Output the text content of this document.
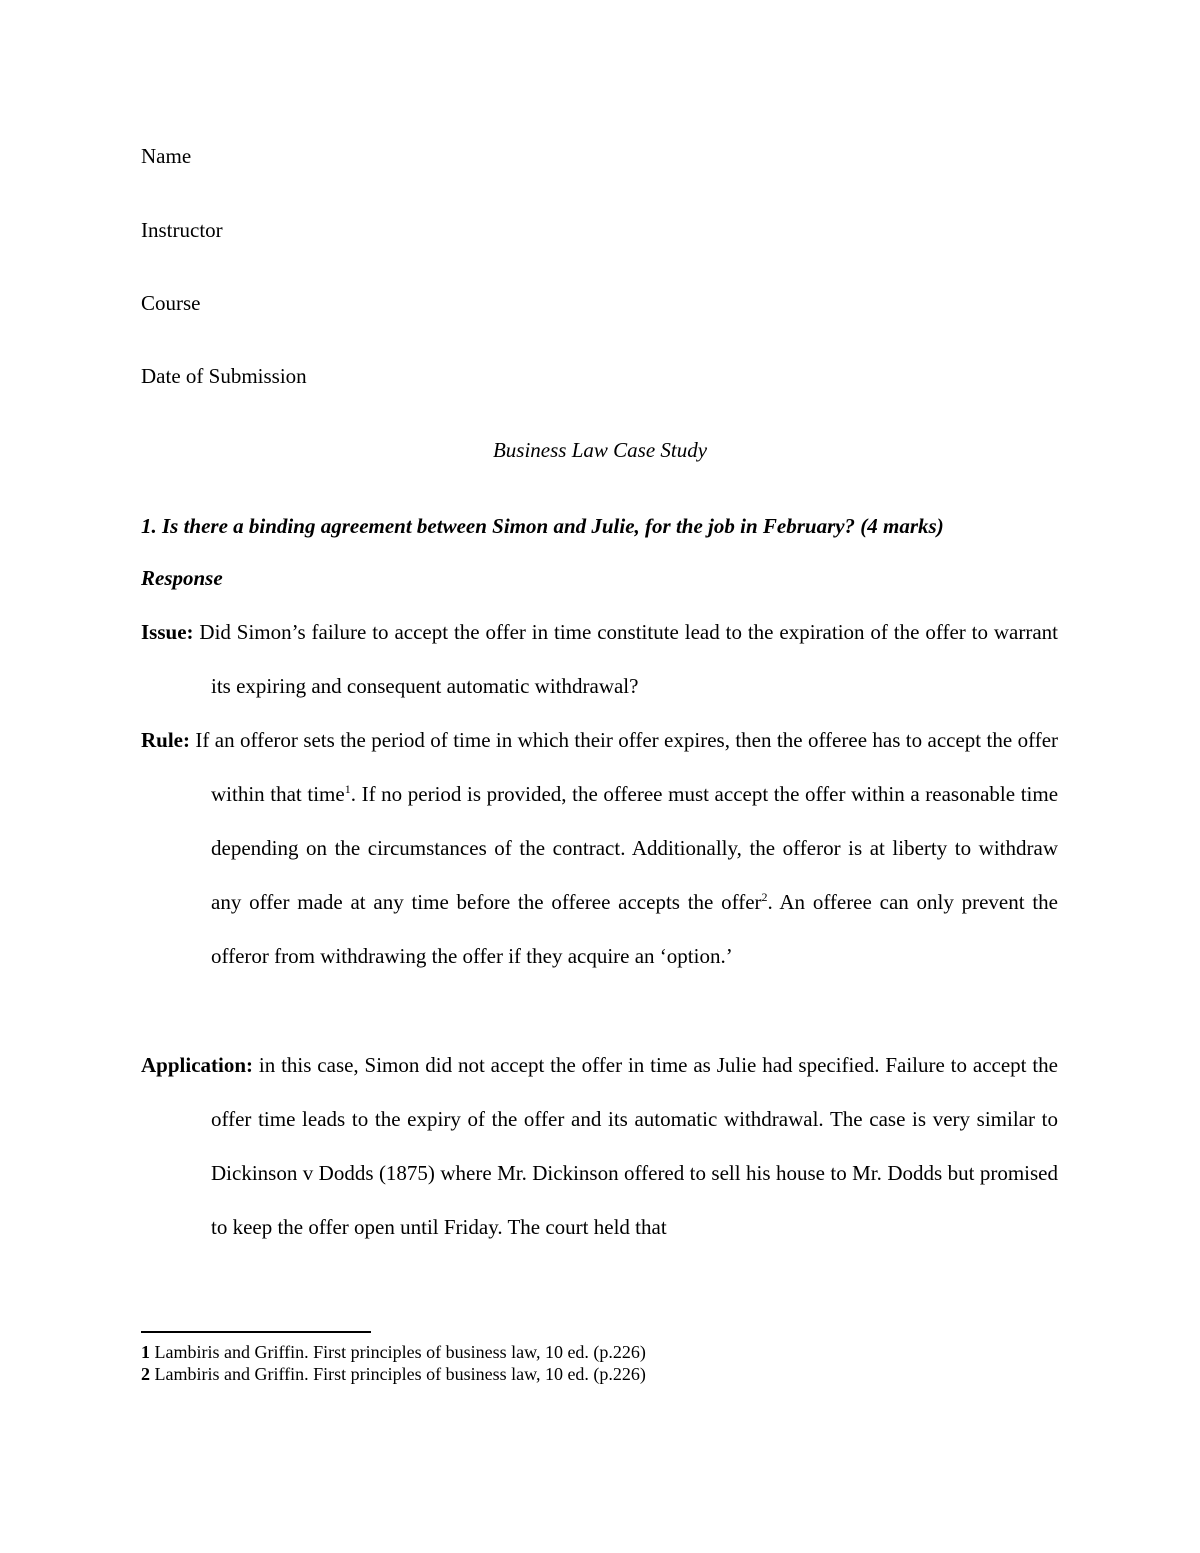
Name
Instructor
Course
Date of Submission
Business Law Case Study
1. Is there a binding agreement between Simon and Julie, for the job in February? (4 marks)
Response

Issue: Did Simon’s failure to accept the offer in time constitute lead to the expiration of the offer to warrant its expiring and consequent automatic withdrawal?

Rule: If an offeror sets the period of time in which their offer expires, then the offeree has to accept the offer within that time$^1$. If no period is provided, the offeree must accept the offer within a reasonable time depending on the circumstances of the contract. Additionally, the offeror is at liberty to withdraw any offer made at any time before the offeree accepts the offer$^2$. An offeree can only prevent the offeror from withdrawing the offer if they acquire an ‘option.’

Application: in this case, Simon did not accept the offer in time as Julie had specified. Failure to accept the offer time leads to the expiry of the offer and its automatic withdrawal. The case is very similar to Dickinson v Dodds (1875) where Mr. Dickinson offered to sell his house to Mr. Dodds but promised to keep the offer open until Friday. The court held that

1 Lambiris and Griffin. First principles of business law, 10 ed. (p.226)
2 Lambiris and Griffin. First principles of business law, 10 ed. (p.226)
